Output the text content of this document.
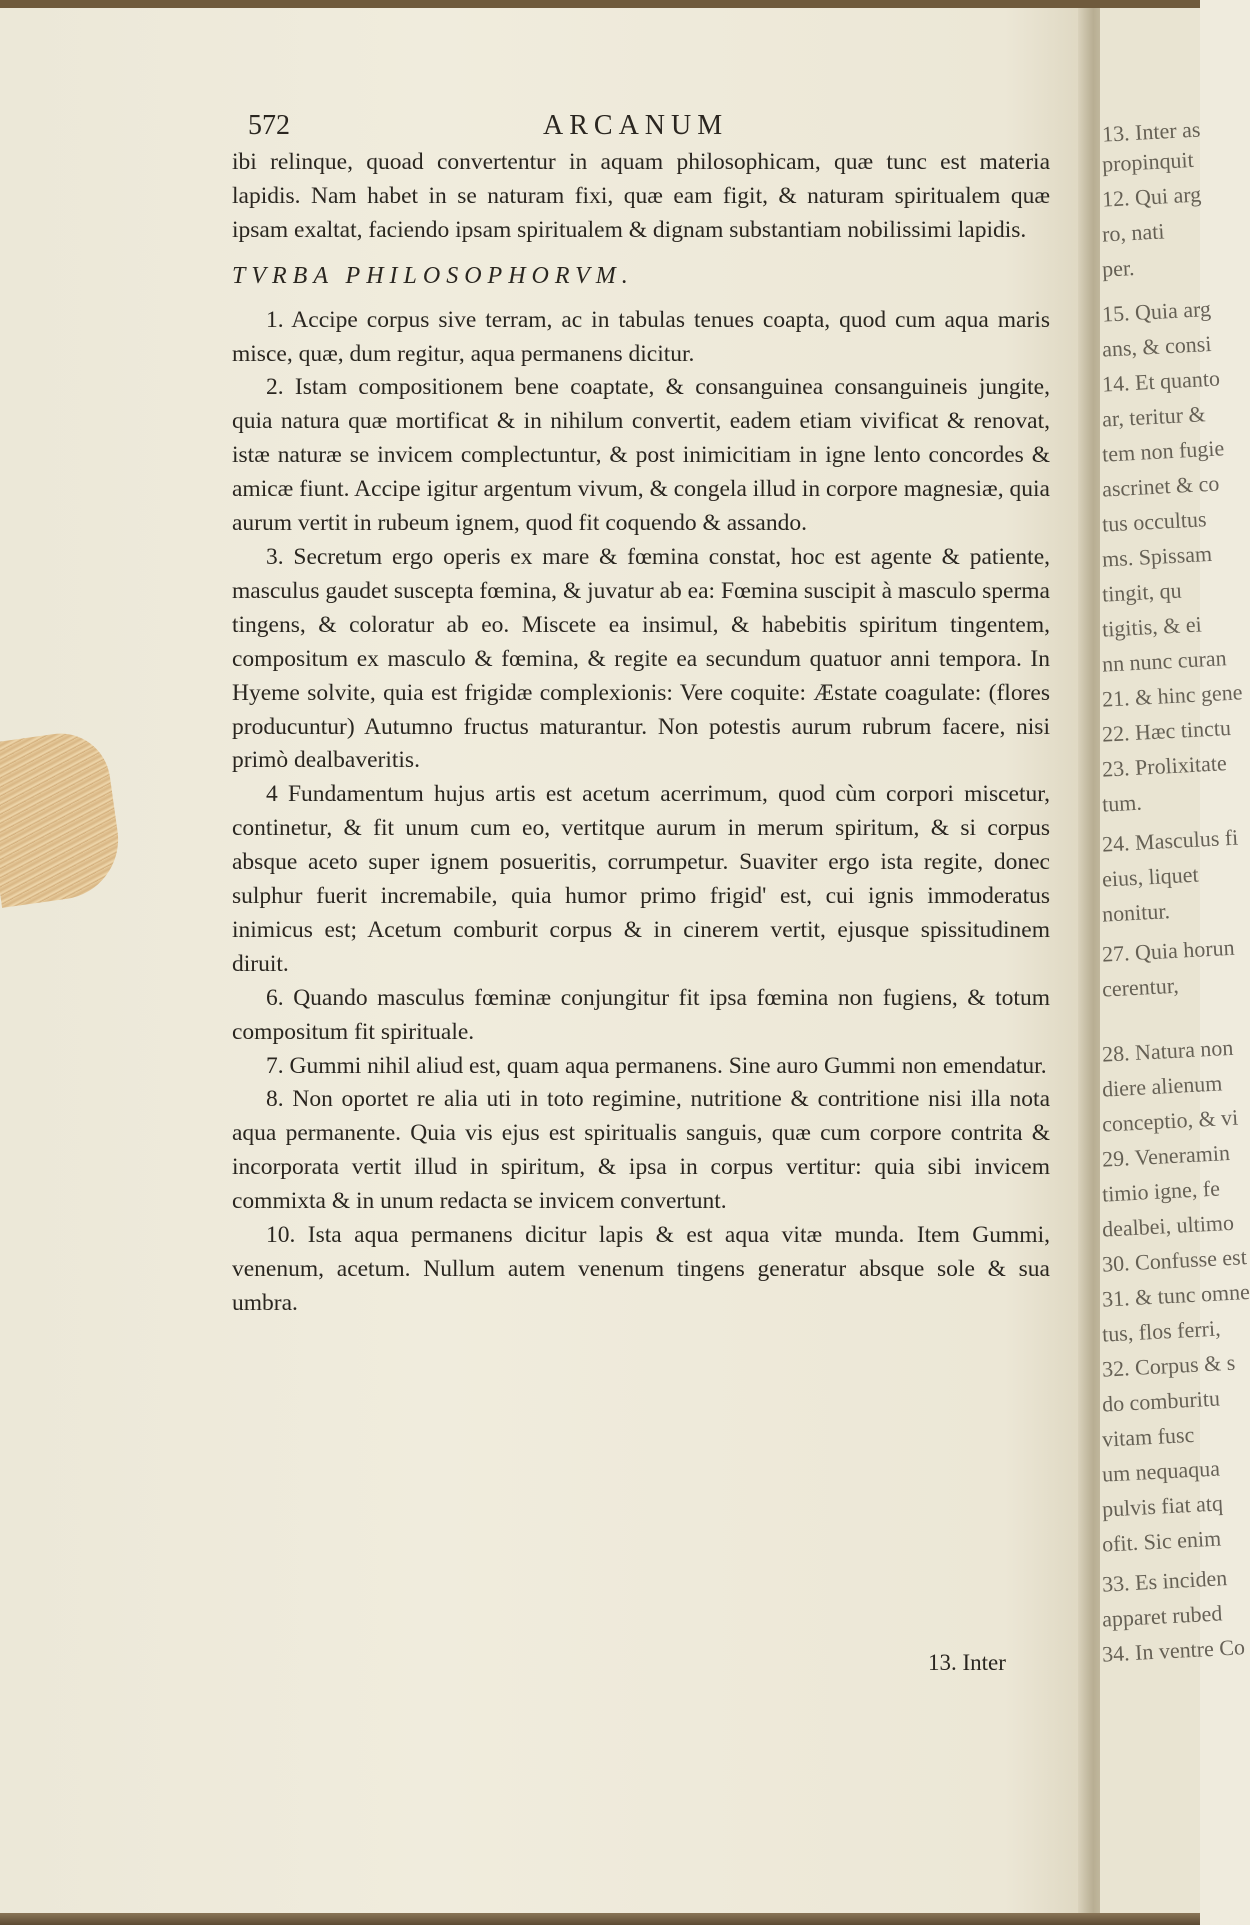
572	ARCANUM

ibi relinque, quoad convertentur in aquam philosophicam, quæ tunc est materia lapidis. Nam habet in se naturam fixi, quæ eam figit, & naturam spiritualem quæ ipsam exaltat, faciendo ipsam spiritualem & dignam substantiam nobilissimi lapidis.

TVRBA PHILOSOPHORVM.

1. Accipe corpus sive terram, ac in tabulas tenues coapta, quod cum aqua maris misce, quæ, dum regitur, aqua permanens dicitur.

2. Istam compositionem bene coaptate, & consanguinea consanguineis jungite, quia natura quæ mortificat & in nihilum convertit, eadem etiam vivificat & renovat, istæ naturæ se invicem complectuntur, & post inimicitiam in igne lento concordes & amicæ fiunt. Accipe igitur argentum vivum, & congela illud in corpore magnesiæ, quia aurum vertit in rubeum ignem, quod fit coquendo & assando.

3. Secretum ergo operis ex mare & fœmina constat, hoc est agente & patiente, masculus gaudet suscepta fœmina, & juvatur ab ea: Fœmina suscipit à masculo sperma tingens, & coloratur ab eo. Miscete ea insimul, & habebitis spiritum tingentem, compositum ex masculo & fœmina, & regite ea secundum quatuor anni tempora. In Hyeme solvite, quia est frigidæ complexionis: Vere coquite: Æstate coagulate: (flores producuntur) Autumno fructus maturantur. Non potestis aurum rubrum facere, nisi primò dealbaveritis.

4 Fundamentum hujus artis est acetum acerrimum, quod cùm corpori miscetur, continetur, & fit unum cum eo, vertitque aurum in merum spiritum, & si corpus absque aceto super ignem posueritis, corrumpetur. Suaviter ergo ista regite, donec sulphur fuerit incremabile, quia humor primo frigid' est, cui ignis immoderatus inimicus est; Acetum comburit corpus & in cinerem vertit, ejusque spissitudinem diruit.

6. Quando masculus fœminæ conjungitur fit ipsa fœmina non fugiens, & totum compositum fit spirituale.

7. Gummi nihil aliud est, quam aqua permanens. Sine auro Gummi non emendatur.

8. Non oportet re alia uti in toto regimine, nutritione & contritione nisi illa nota aqua permanente. Quia vis ejus est spiritualis sanguis, quæ cum corpore contrita & incorporata vertit illud in spiritum, & ipsa in corpus vertitur: quia sibi invicem commixta & in unum redacta se invicem convertunt.

10. Ista aqua permanens dicitur lapis & est aqua vitæ munda. Item Gummi, venenum, acetum. Nullum autem venenum tingens generatur absque sole & sua umbra.

13. Inter
13. Inter as
propinquit
12. Qui arg
ro, nati
per.
15. Quia arg
ans, & consi
14. Et quanto
ar, teritur &
tem non fugie
ascrinet & co
tus occultus
ms. Spissam
tingit, qu
tigitis, & ei
nn nunc curan
21. & hinc gene
22. Hæc tinctu
23. Prolixitate
tum.
24. Masculus fi
eius, liquet
nonitur.
27. Quia horun
cerentur,
28. Natura non
diere alienum
conceptio, & vi
29. Veneramin
timio igne, fe
dealbei, ultimo
30. Confusse est
31. & tunc omne
tus, flos ferri,
32. Corpus & s
do comburitu
vitam fusc
um nequaqua
pulvis fiat atq
ofit. Sic enim
33. Es inciden
apparet rubed
34. In ventre Co
